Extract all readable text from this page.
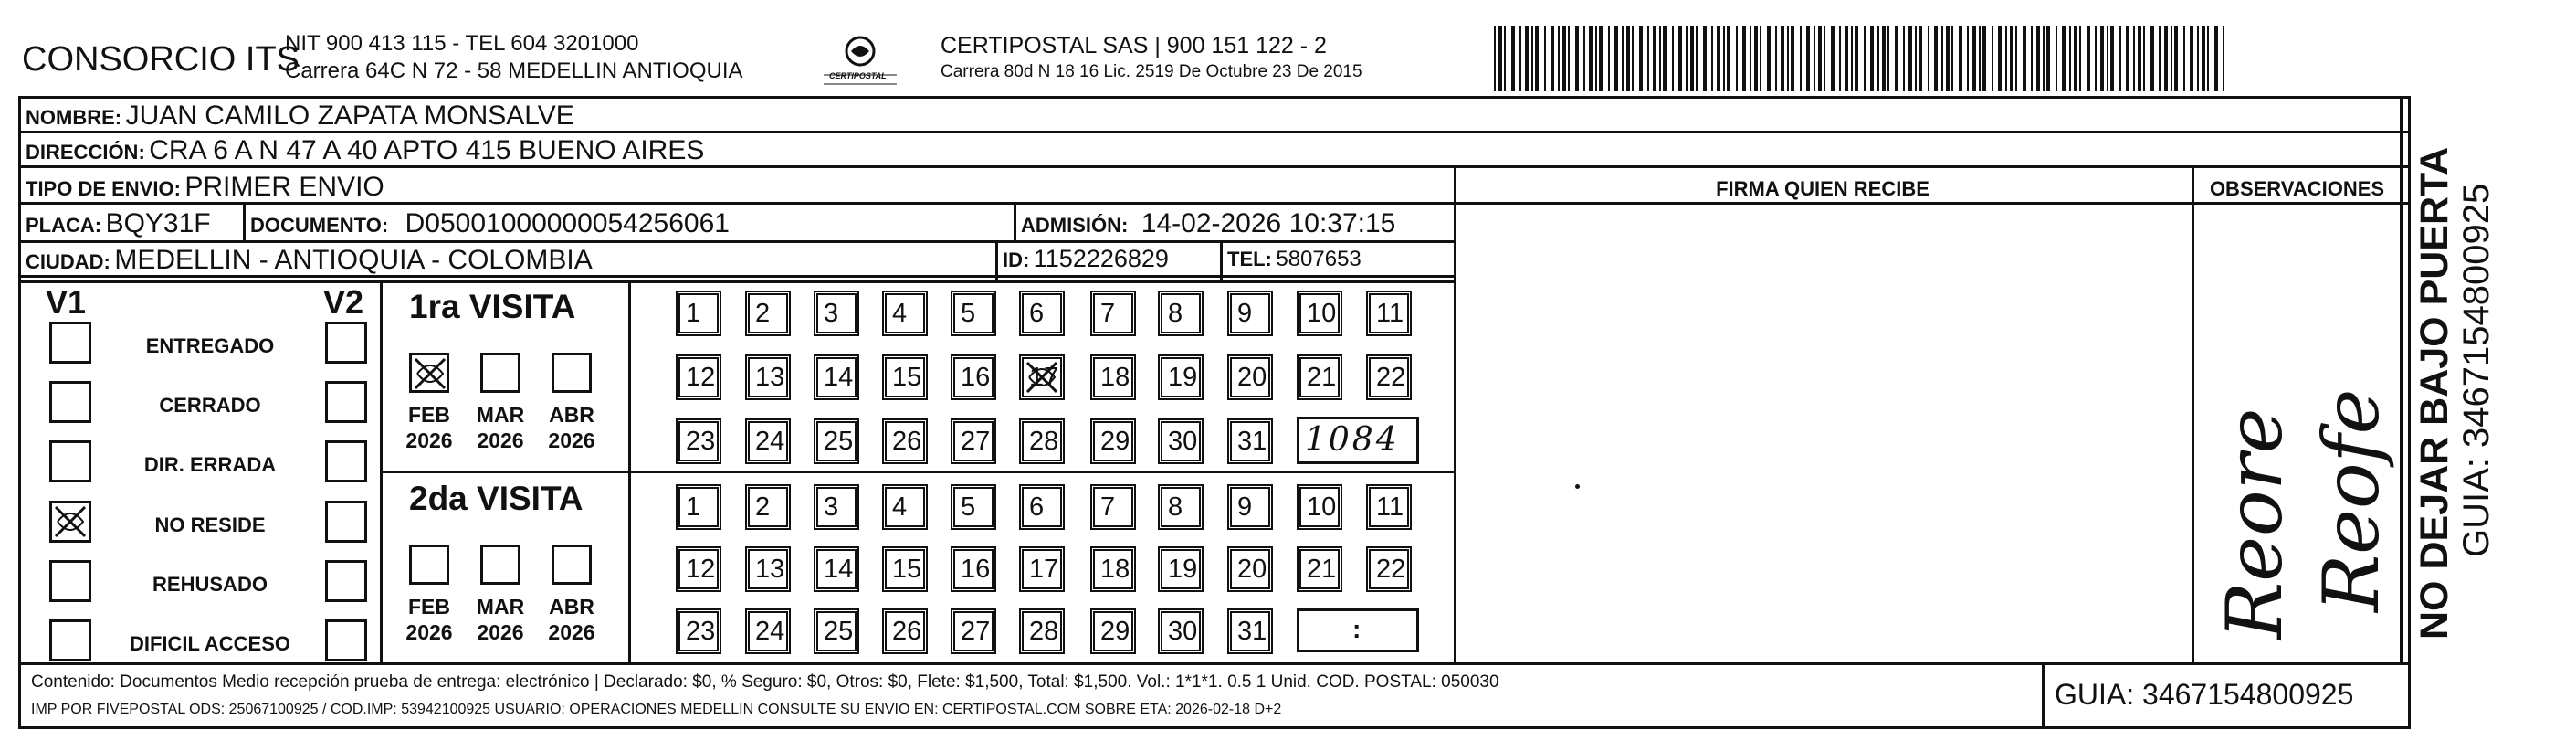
CONSORCIO ITS
NIT 900 413 115 - TEL 604 3201000
Carrera 64C N 72 - 58 MEDELLIN ANTIOQUIA	CERTIPOSTAL
CERTIPOSTAL SAS | 900 151 122 - 2
Carrera 80d N 18 16 Lic. 2519 De Octubre 23 De 2015
NOMBRE: JUAN CAMILO ZAPATA MONSALVE
DIRECCIÓN: CRA 6 A N 47 A 40 APTO 415 BUENO AIRES
TIPO DE ENVIO: PRIMER ENVIO
PLACA: BQY31F DOCUMENTO: D05001000000054256061	ADMISIÓN: 14-02-2026 10:37:15
CIUDAD: MEDELLIN - ANTIOQUIA - COLOMBIA	ID: 1152226829	TEL: 5807653
FIRMA QUIEN RECIBE	OBSERVACIONES
V1	V2
ENTREGADO
CERRADO
DIR. ERRADA
NO RESIDE
REHUSADO
DIFICIL ACCESO
1ra VISITA
2da VISITA
FEB
2026
MAR
2026
ABR
2026
FEB
2026
MAR
2026
ABR
2026
1	2	3	4	5	6	7	8	9	10 11
12 13 14 15 16 17 18 19 20 21 22
23 24 25 26 27 28 29 30 31
1	2	3	4	5	6	7	8	9	10 11
12 13 14 15 16 17 18 19 20 21 22
23 24 25 26 27 28 29 30 31
1084
:	Reore Reofe
Contenido: Documentos Medio recepción prueba de entrega: electrónico | Declarado: $0, % Seguro: $0, Otros: $0, Flete: $1,500, Total: $1,500. Vol.: 1*1*1. 0.5 1 Unid. COD. POSTAL: 050030
IMP POR FIVEPOSTAL ODS: 25067100925 / COD.IMP: 53942100925 USUARIO: OPERACIONES MEDELLIN CONSULTE SU ENVIO EN: CERTIPOSTAL.COM SOBRE ETA: 2026-02-18 D+2	GUIA: 3467154800925
NO DEJAR BAJO PUERTA GUIA: 3467154800925
